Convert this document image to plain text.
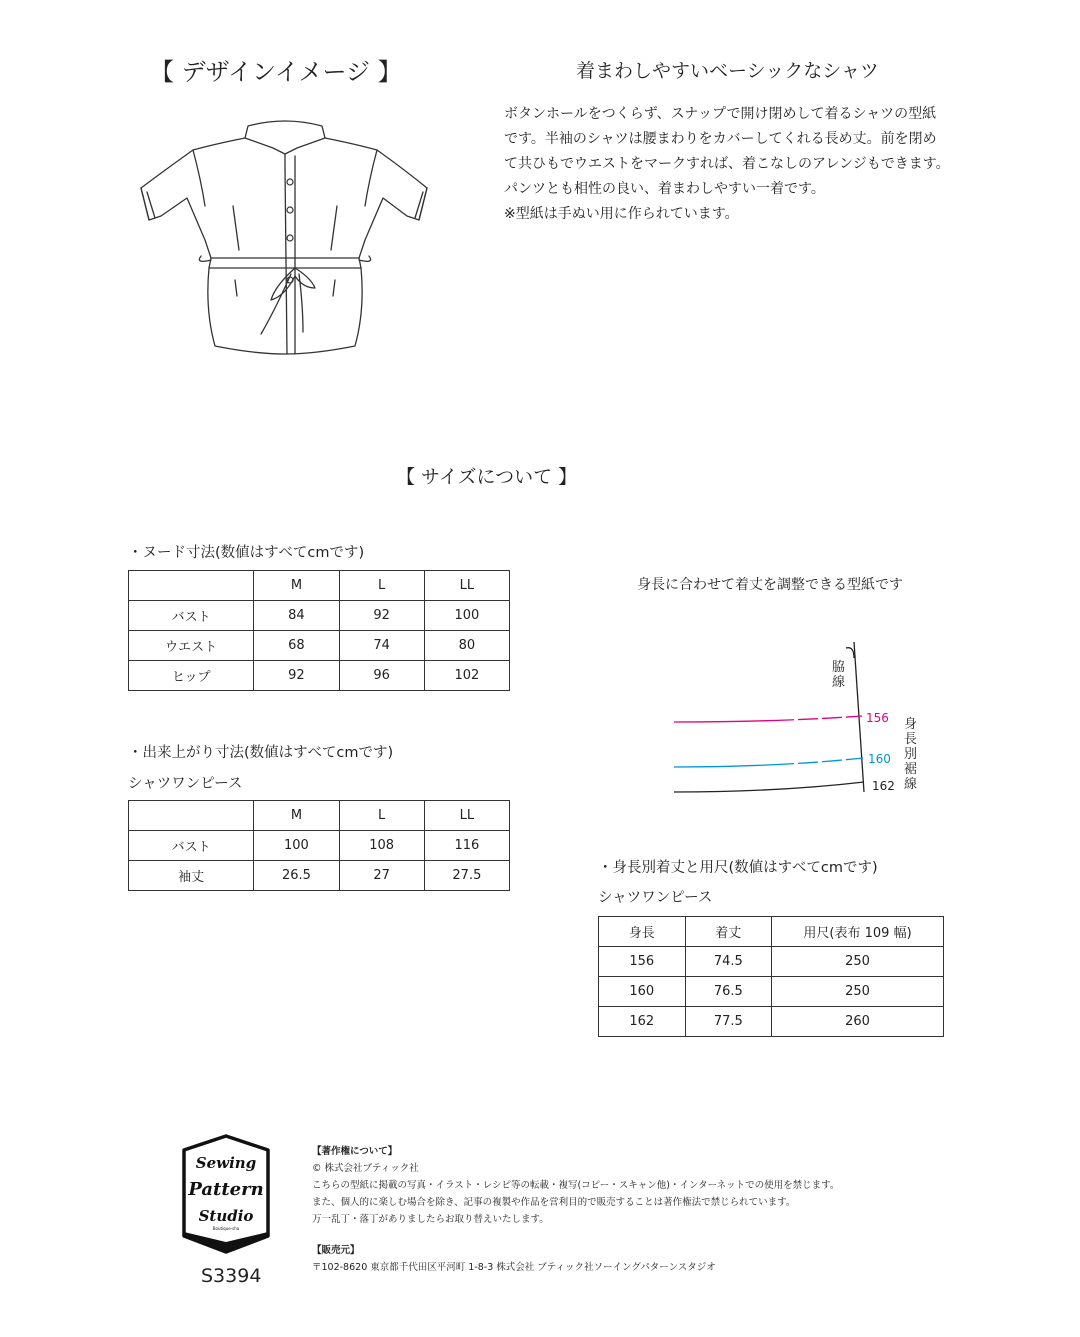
【 デザインイメージ 】	着まわしやすいベーシックなシャツ
ボタンホールをつくらず、スナップで開け閉めして着るシャツの型紙
です。半袖のシャツは腰まわりをカバーしてくれる長め丈。前を閉め
て共ひもでウエストをマークすれば、着こなしのアレンジもできます。
パンツとも相性の良い、着まわしやすい一着です。
※型紙は手ぬい用に作られています。
【 サイズについて 】
・ヌード寸法(数値はすべてcmです)
	M	L	LL
バスト	84	92	100
ウエスト	68	74	80
ヒップ	92	96	102
・出来上がり寸法(数値はすべてcmです)
シャツワンピース
	M	L	LL
バスト	100	108	116
袖丈	26.5	27	27.5
身長に合わせて着丈を調整できる型紙です
脇線
身長別裾線
156
160
162
・身長別着丈と用尺(数値はすべてcmです)
シャツワンピース
身長	着丈	用尺(表布 109 幅)
156	74.5	250
160	76.5	250
162	77.5	260
Sewing
Pattern
Studio
Boutique-sha
S3394
【著作権について】
© 株式会社ブティック社
こちらの型紙に掲載の写真・イラスト・レシピ等の転載・複写(コピー・スキャン他)・インターネットでの使用を禁じます。
また、個人的に楽しむ場合を除き、記事の複製や作品を営利目的で販売することは著作権法で禁じられています。
万一乱丁・落丁がありましたらお取り替えいたします。
【販売元】
〒102-8620 東京都千代田区平河町 1-8-3 株式会社 ブティック社ソーイングパターンスタジオ
